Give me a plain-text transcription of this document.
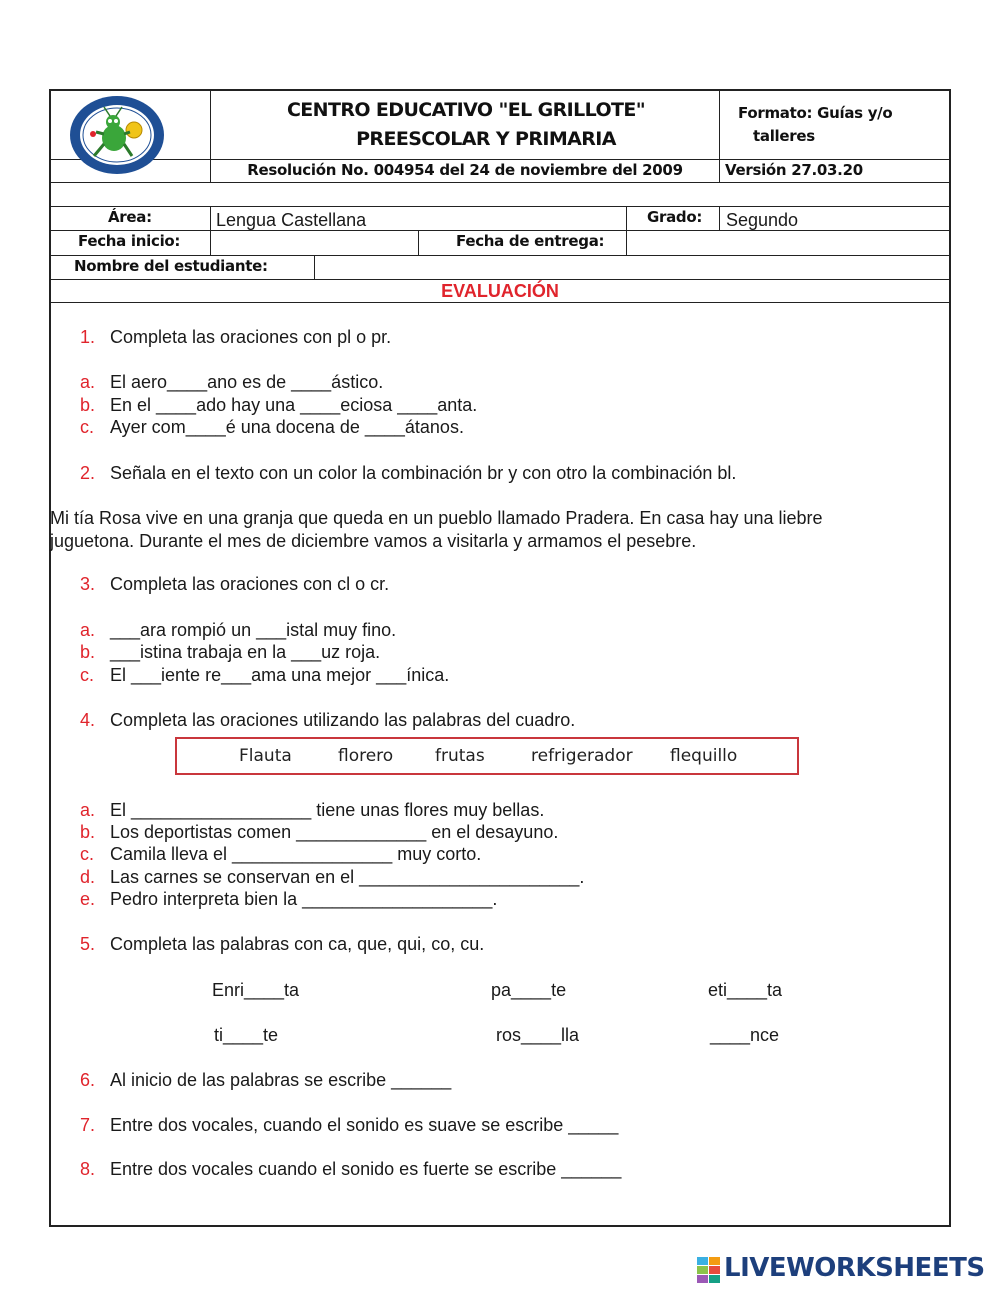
CENTRO EDUCATIVO "EL GRILLOTE"
PREESCOLAR Y PRIMARIA
Resolución No. 004954 del 24 de noviembre del 2009
Formato: Guías y/o
talleres
Versión 27.03.20
Área:	Lengua Castellana	Grado: Segundo
Fecha inicio:	Fecha de entrega:
Nombre del estudiante:
EVALUACIÓN
1. Completa las oraciones con pl o pr.
a. El aero____ano es de ____ástico.
b. En el ____ado hay una ____eciosa ____anta.
c. Ayer com____é una docena de ____átanos.
2. Señala en el texto con un color la combinación br y con otro la combinación bl.
Mi tía Rosa vive en una granja que queda en un pueblo llamado Pradera. En casa hay una liebre
juguetona. Durante el mes de diciembre vamos a visitarla y armamos el pesebre.
3. Completa las oraciones con cl o cr.
a. ___ara rompió un ___istal muy fino.
b. ___istina trabaja en la ___uz roja.
c. El ___iente re___ama una mejor ___ínica.
4. Completa las oraciones utilizando las palabras del cuadro.
Flauta	florero frutas	refrigerador flequillo
a. El __________________ tiene unas flores muy bellas.
b. Los deportistas comen _____________ en el desayuno.
c. Camila lleva el ________________ muy corto.
d. Las carnes se conservan en el ______________________.
e. Pedro interpreta bien la ___________________.
5. Completa las palabras con ca, que, qui, co, cu.
Enri____ta	pa____te	eti____ta
ti____te	ros____lla	____nce
6. Al inicio de las palabras se escribe ______
7. Entre dos vocales, cuando el sonido es suave se escribe _____
8. Entre dos vocales cuando el sonido es fuerte se escribe ______
LIVEWORKSHEETS
